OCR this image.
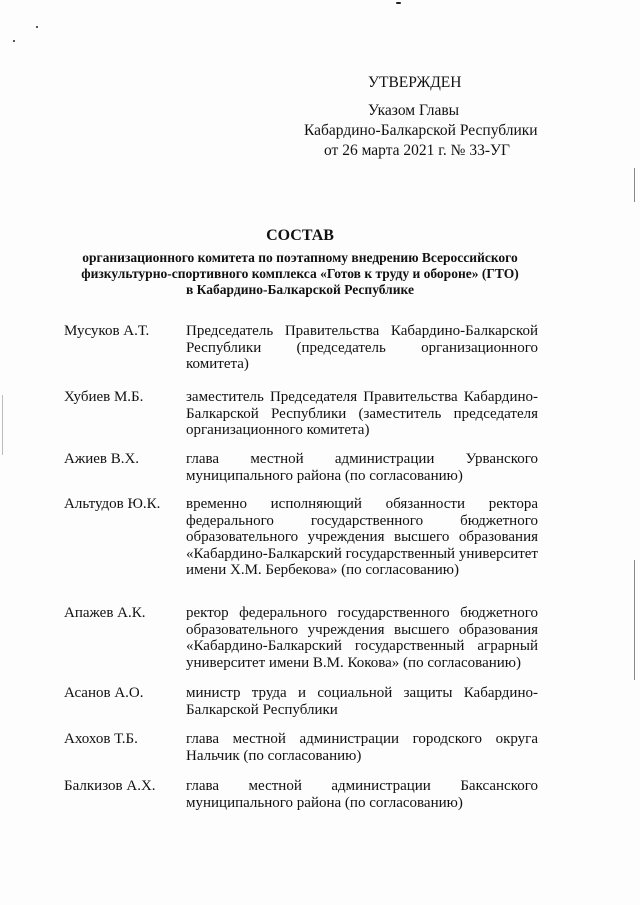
УТВЕРЖДЕН
Указом Главы
Кабардино-Балкарской Республики
от 26 марта 2021 г. № 33-УГ
СОСТАВ
организационного комитета по поэтапному внедрению Всероссийского физкультурно-спортивного комплекса «Готов к труду и обороне» (ГТО) в Кабардино-Балкарской Республике
Мусуков А.Т. Председатель Правительства Кабардино-Балкарской Республики (председатель организационного комитета)
Хубиев М.Б.	заместитель Председателя Правительства Кабардино-Балкарской Республики (заместитель председателя организационного комитета)
Ажиев В.Х.	глава местной администрации Урванского муниципального района (по согласованию)
Альтудов Ю.К. временно исполняющий обязанности ректора федерального государственного бюджетного образовательного учреждения высшего образования «Кабардино-Балкарский государственный университет имени Х.М. Бербекова» (по согласованию)
Апажев А.К.	ректор федерального государственного бюджетного образовательного учреждения высшего образования «Кабардино-Балкарский государственный аграрный университет имени В.М. Кокова» (по согласованию)
Асанов А.О.	министр труда и социальной защиты Кабардино-Балкарской Республики
Ахохов Т.Б.	глава местной администрации городского округа Нальчик (по согласованию)
Балкизов А.Х. глава местной администрации Баксанского муниципального района (по согласованию)
